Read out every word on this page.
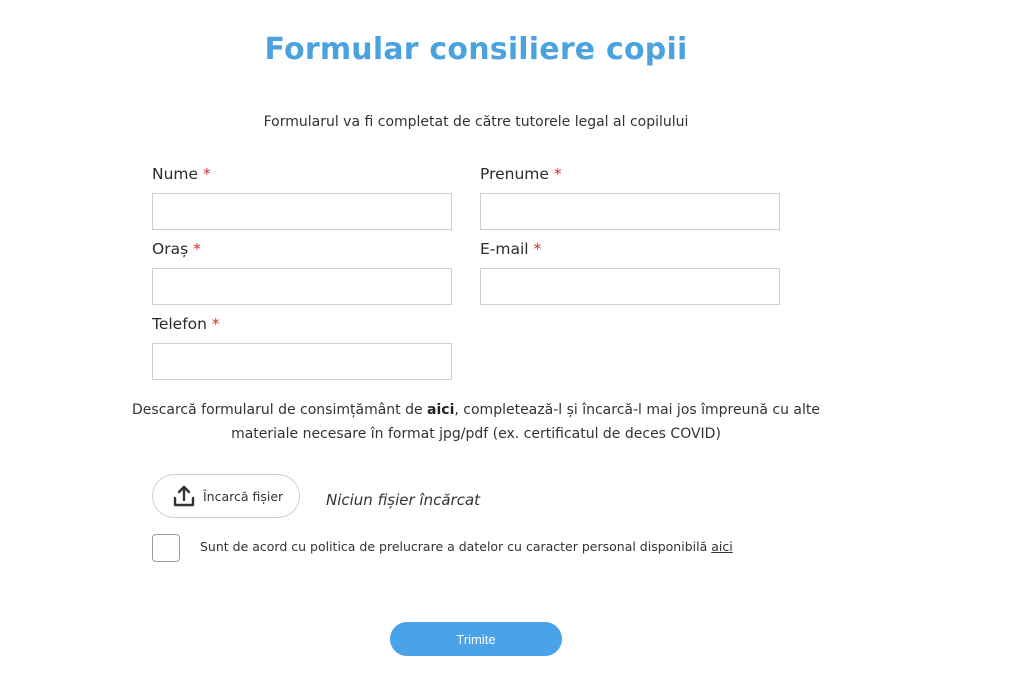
Formular consiliere copii
Formularul va fi completat de către tutorele legal al copilului
Nume *	Prenume *
Oraș *	E-mail *
Telefon *
Descarcă formularul de consimțământ de aici, completează-l și încarcă-l mai jos împreună cu alte materiale necesare în format jpg/pdf (ex. certificatul de deces COVID)
Încarcă fișier	Niciun fișier încărcat
Sunt de acord cu politica de prelucrare a datelor cu caracter personal disponibilă aici
Trimite
